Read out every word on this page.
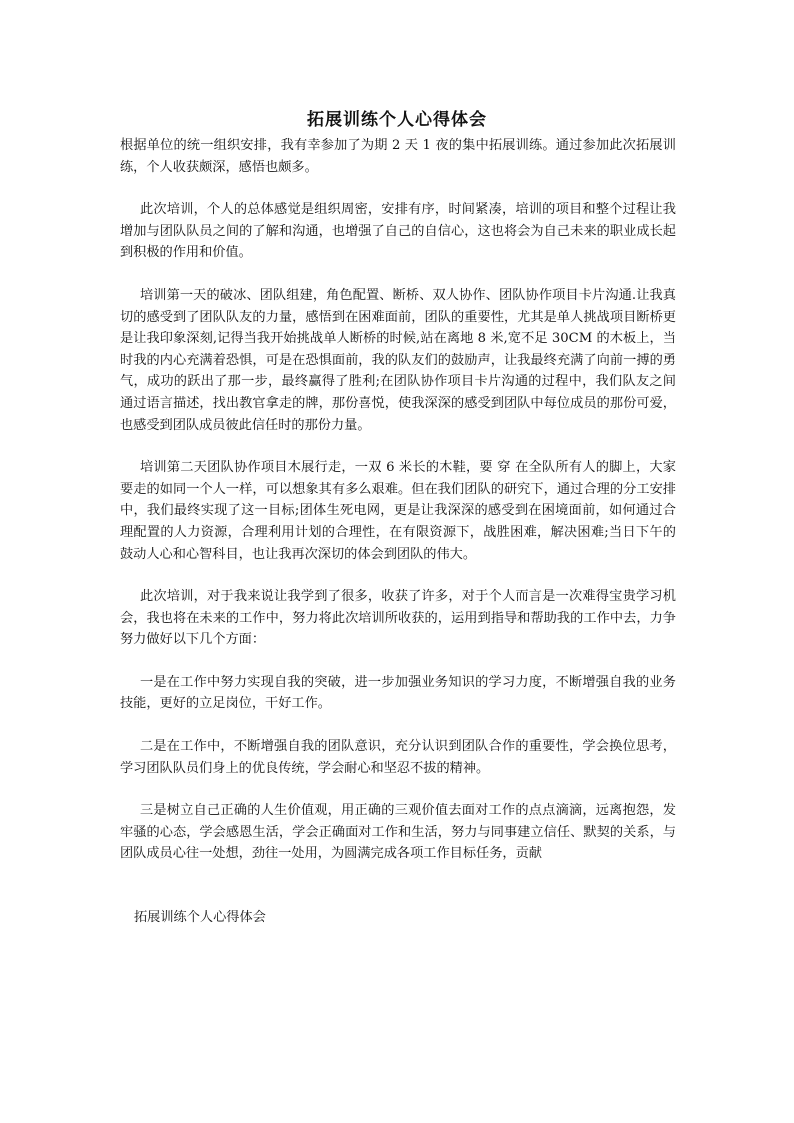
拓展训练个人心得体会

根据单位的统一组织安排，我有幸参加了为期 2 天 1 夜的集中拓展训练。通过参加此次拓展训练，个人收获颇深，感悟也颇多。

此次培训，个人的总体感觉是组织周密，安排有序，时间紧凑，培训的项目和整个过程让我增加与团队队员之间的了解和沟通，也增强了自己的自信心，这也将会为自己未来的职业成长起到积极的作用和价值。

培训第一天的破冰、团队组建，角色配置、断桥、双人协作、团队协作项目卡片沟通.让我真切的感受到了团队队友的力量，感悟到在困难面前，团队的重要性，尤其是单人挑战项目断桥更是让我印象深刻,记得当我开始挑战单人断桥的时候,站在离地 8 米,宽不足 30CM 的木板上，当时我的内心充满着恐惧，可是在恐惧面前，我的队友们的鼓励声，让我最终充满了向前一搏的勇气，成功的跃出了那一步，最终赢得了胜利;在团队协作项目卡片沟通的过程中，我们队友之间通过语言描述，找出教官拿走的牌，那份喜悦，使我深深的感受到团队中每位成员的那份可爱，也感受到团队成员彼此信任时的那份力量。

培训第二天团队协作项目木展行走，一双 6 米长的木鞋，要 穿 在全队所有人的脚上，大家要走的如同一个人一样，可以想象其有多么艰难。但在我们团队的研究下，通过合理的分工安排中，我们最终实现了这一目标;团体生死电网，更是让我深深的感受到在困境面前，如何通过合理配置的人力资源，合理利用计划的合理性，在有限资源下，战胜困难，解决困难;当日下午的鼓动人心和心智科目，也让我再次深切的体会到团队的伟大。

此次培训，对于我来说让我学到了很多，收获了许多，对于个人而言是一次难得宝贵学习机会，我也将在未来的工作中，努力将此次培训所收获的，运用到指导和帮助我的工作中去，力争努力做好以下几个方面：

一是在工作中努力实现自我的突破，进一步加强业务知识的学习力度，不断增强自我的业务技能，更好的立足岗位，干好工作。

二是在工作中，不断增强自我的团队意识，充分认识到团队合作的重要性，学会换位思考，学习团队队员们身上的优良传统，学会耐心和坚忍不拔的精神。

三是树立自己正确的人生价值观，用正确的三观价值去面对工作的点点滴滴，远离抱怨，发牢骚的心态，学会感恩生活，学会正确面对工作和生活，努力与同事建立信任、默契的关系，与团队成员心往一处想，劲往一处用，为圆满完成各项工作目标任务，贡献

拓展训练个人心得体会
